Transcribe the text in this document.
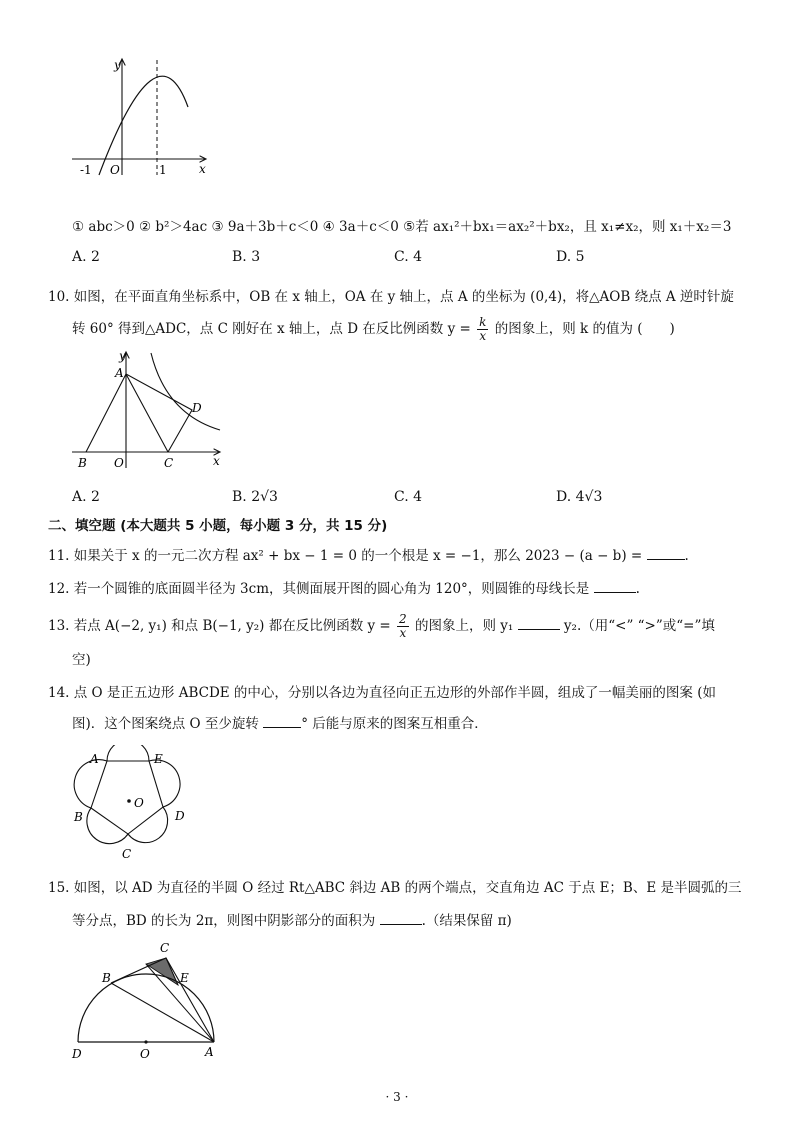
y
x
-1 O	1
① abc＞0 ② b²＞4ac ③ 9a＋3b＋c＜0 ④ 3a＋c＜0 ⑤若 ax₁²＋bx₁＝ax₂²＋bx₂，且 x₁≠x₂，则 x₁＋x₂＝3
A. 2	B. 3	C. 4	D. 5
10. 如图，在平面直角坐标系中，OB 在 x 轴上，OA 在 y 轴上，点 A 的坐标为 (0,4)，将△AOB 绕点 A 逆时针旋
转 60° 得到△ADC，点 C 刚好在 x 轴上，点 D 在反比例函数 $y = \frac{k}{x}$ 的图象上，则 k 的值为 (　　)
y
A
D
B O	C	x
A. 2	B. 2√3	C. 4	D. 4√3
二、填空题 (本大题共 5 小题，每小题 3 分，共 15 分)
11. 如果关于 x 的一元二次方程 ax² + bx − 1 = 0 的一个根是 x = −1，那么 2023 − (a − b) =	.
12. 若一个圆锥的底面圆半径为 3cm，其侧面展开图的圆心角为 120°，则圆锥的母线长是	.
13. 若点 A(−2, y₁) 和点 B(−1, y₂) 都在反比例函数 $y = \frac{2}{x}$ 的图象上，则 y₁	y₂.（用“<” “>”或“=”填
空)
14. 点 O 是正五边形 ABCDE 的中心，分别以各边为直径向正五边形的外部作半圆，组成了一幅美丽的图案 (如
图)．这个图案绕点 O 至少旋转	° 后能与原来的图案互相重合．
A	E
B	D
C
O
15. 如图，以 AD 为直径的半圆 O 经过 Rt△ABC 斜边 AB 的两个端点，交直角边 AC 于点 E；B、E 是半圆弧的三
等分点，BD 的长为 2π，则图中阴影部分的面积为	.（结果保留 π)
C
B	E
D	O	A
· 3 ·
